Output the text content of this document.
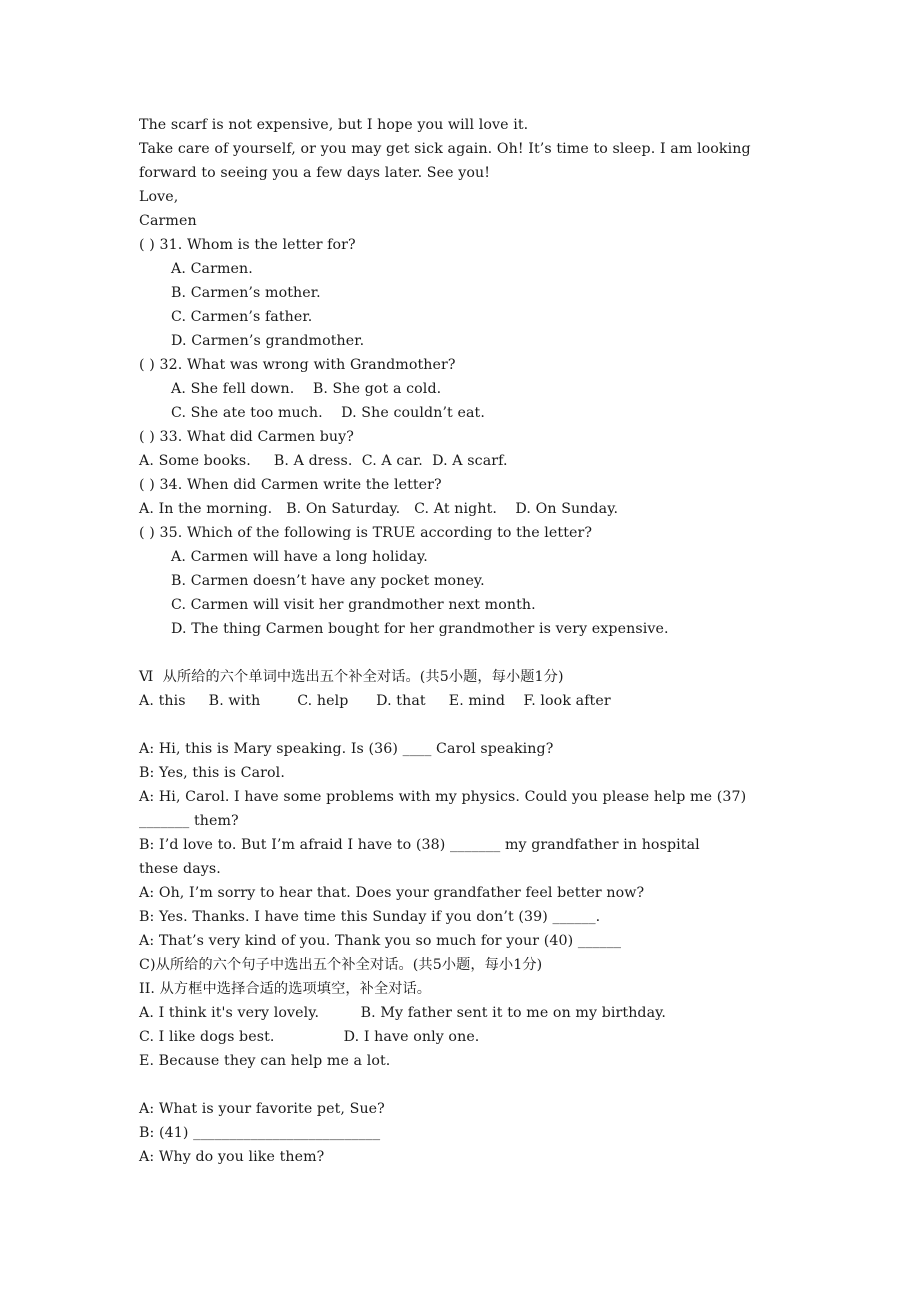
The scarf is not expensive, but I hope you will love it.
Take care of yourself, or you may get sick again. Oh! It’s time to sleep. I am looking
forward to seeing you a few days later. See you!
Love,
Carmen
( ) 31. Whom is the letter for?
A. Carmen.
B. Carmen’s mother.
C. Carmen’s father.
D. Carmen’s grandmother.
( ) 32. What was wrong with Grandmother?
A. She fell down.    B. She got a cold.
C. She ate too much.    D. She couldn’t eat.
( ) 33. What did Carmen buy?
A. Some books.     B. A dress.  C. A car.  D. A scarf.
( ) 34. When did Carmen write the letter?
A. In the morning.   B. On Saturday.   C. At night.    D. On Sunday.
( ) 35. Which of the following is TRUE according to the letter?
A. Carmen will have a long holiday.
B. Carmen doesn’t have any pocket money.
C. Carmen will visit her grandmother next month.
D. The thing Carmen bought for her grandmother is very expensive.
Ⅵ  从所给的六个单词中选出五个补全对话。(共5小题，每小题1分)
A. this     B. with        C. help      D. that     E. mind    F. look after
A: Hi, this is Mary speaking. Is (36) ____ Carol speaking?
B: Yes, this is Carol.
A: Hi, Carol. I have some problems with my physics. Could you please help me (37)
_______ them?
B: I’d love to. But I’m afraid I have to (38) _______ my grandfather in hospital
these days.
A: Oh, I’m sorry to hear that. Does your grandfather feel better now?
B: Yes. Thanks. I have time this Sunday if you don’t (39) ______.
A: That’s very kind of you. Thank you so much for your (40) ______
C)从所给的六个句子中选出五个补全对话。(共5小题，每小1分)
II. 从方框中选择合适的选项填空，补全对话。
A. I think it's very lovely.         B. My father sent it to me on my birthday.
C. I like dogs best.               D. I have only one.
E. Because they can help me a lot.
A: What is your favorite pet, Sue?
B: (41) __________________________
A: Why do you like them?
